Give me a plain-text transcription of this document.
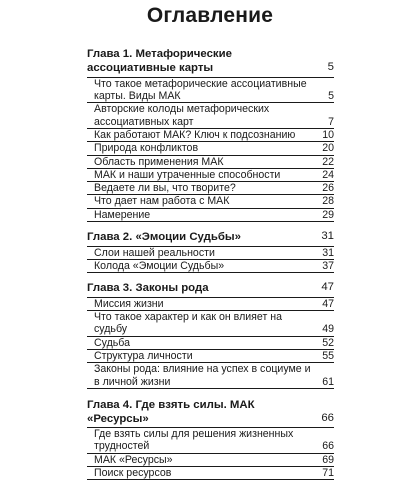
Оглавление
Глава 1. Метафорические ассоциативные карты	5
Что такое метафорические ассоциативные карты. Виды МАК	5
Авторские колоды метафорических ассоциативных карт	7
Как работают МАК? Ключ к подсознанию	10
Природа конфликтов	20
Область применения МАК	22
МАК и наши утраченные способности	24
Ведаете ли вы, что творите?	26
Что дает нам работа с МАК	28
Намерение	29
Глава 2. «Эмоции Судьбы»	31
Слои нашей реальности	31
Колода «Эмоции Судьбы»	37
Глава 3. Законы рода	47
Миссия жизни	47
Что такое характер и как он влияет на судьбу	49
Судьба	52
Структура личности	55
Законы рода: влияние на успех в социуме и в личной жизни	61
Глава 4. Где взять силы. МАК «Ресурсы»	66
Где взять силы для решения жизненных трудностей	66
МАК «Ресурсы»	69
Поиск ресурсов	71
